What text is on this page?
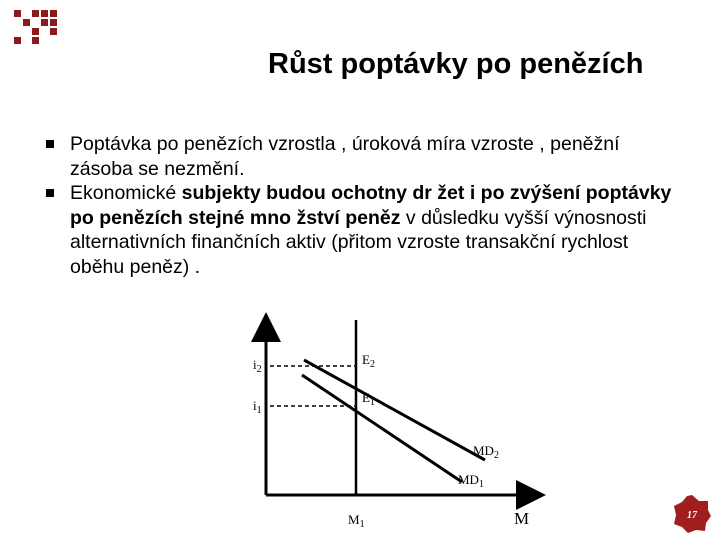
Růst poptávky po penězích
Poptávka po penězích vzrostla , úroková míra vzroste , peněžní zásoba se nezmění.
Ekonomické subjekty budou ochotny dr žet i po zvýšení poptávky po penězích stejné mno žství peněz v důsledku vyšší výnosnosti alternativních finančních aktiv (přitom vzroste transakční rychlost oběhu peněz) .
i
$i_2$
$i_1$
$E_2$
$E_1$
$MD_2$
$MD_1$
$M_1$	M	17
